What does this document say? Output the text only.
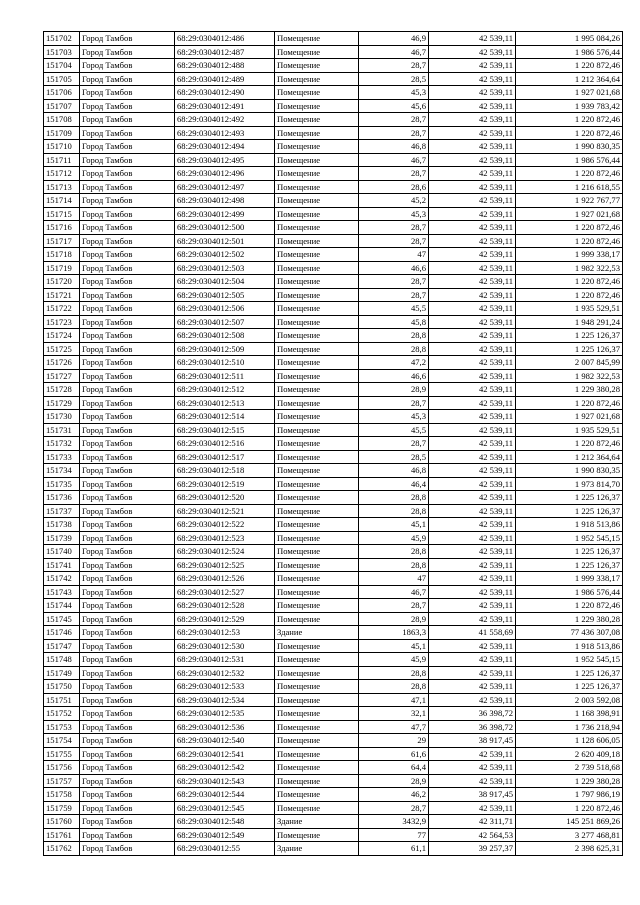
151702	Город Тамбов	68:29:0304012:486	Помещение	46,9	42 539,11	1 995 084,26
151703	Город Тамбов	68:29:0304012:487	Помещение	46,7	42 539,11	1 986 576,44
151704	Город Тамбов	68:29:0304012:488	Помещение	28,7	42 539,11	1 220 872,46
151705	Город Тамбов	68:29:0304012:489	Помещение	28,5	42 539,11	1 212 364,64
151706	Город Тамбов	68:29:0304012:490	Помещение	45,3	42 539,11	1 927 021,68
151707	Город Тамбов	68:29:0304012:491	Помещение	45,6	42 539,11	1 939 783,42
151708	Город Тамбов	68:29:0304012:492	Помещение	28,7	42 539,11	1 220 872,46
151709	Город Тамбов	68:29:0304012:493	Помещение	28,7	42 539,11	1 220 872,46
151710	Город Тамбов	68:29:0304012:494	Помещение	46,8	42 539,11	1 990 830,35
151711	Город Тамбов	68:29:0304012:495	Помещение	46,7	42 539,11	1 986 576,44
151712	Город Тамбов	68:29:0304012:496	Помещение	28,7	42 539,11	1 220 872,46
151713	Город Тамбов	68:29:0304012:497	Помещение	28,6	42 539,11	1 216 618,55
151714	Город Тамбов	68:29:0304012:498	Помещение	45,2	42 539,11	1 922 767,77
151715	Город Тамбов	68:29:0304012:499	Помещение	45,3	42 539,11	1 927 021,68
151716	Город Тамбов	68:29:0304012:500	Помещение	28,7	42 539,11	1 220 872,46
151717	Город Тамбов	68:29:0304012:501	Помещение	28,7	42 539,11	1 220 872,46
151718	Город Тамбов	68:29:0304012:502	Помещение	47	42 539,11	1 999 338,17
151719	Город Тамбов	68:29:0304012:503	Помещение	46,6	42 539,11	1 982 322,53
151720	Город Тамбов	68:29:0304012:504	Помещение	28,7	42 539,11	1 220 872,46
151721	Город Тамбов	68:29:0304012:505	Помещение	28,7	42 539,11	1 220 872,46
151722	Город Тамбов	68:29:0304012:506	Помещение	45,5	42 539,11	1 935 529,51
151723	Город Тамбов	68:29:0304012:507	Помещение	45,8	42 539,11	1 948 291,24
151724	Город Тамбов	68:29:0304012:508	Помещение	28,8	42 539,11	1 225 126,37
151725	Город Тамбов	68:29:0304012:509	Помещение	28,8	42 539,11	1 225 126,37
151726	Город Тамбов	68:29:0304012:510	Помещение	47,2	42 539,11	2 007 845,99
151727	Город Тамбов	68:29:0304012:511	Помещение	46,6	42 539,11	1 982 322,53
151728	Город Тамбов	68:29:0304012:512	Помещение	28,9	42 539,11	1 229 380,28
151729	Город Тамбов	68:29:0304012:513	Помещение	28,7	42 539,11	1 220 872,46
151730	Город Тамбов	68:29:0304012:514	Помещение	45,3	42 539,11	1 927 021,68
151731	Город Тамбов	68:29:0304012:515	Помещение	45,5	42 539,11	1 935 529,51
151732	Город Тамбов	68:29:0304012:516	Помещение	28,7	42 539,11	1 220 872,46
151733	Город Тамбов	68:29:0304012:517	Помещение	28,5	42 539,11	1 212 364,64
151734	Город Тамбов	68:29:0304012:518	Помещение	46,8	42 539,11	1 990 830,35
151735	Город Тамбов	68:29:0304012:519	Помещение	46,4	42 539,11	1 973 814,70
151736	Город Тамбов	68:29:0304012:520	Помещение	28,8	42 539,11	1 225 126,37
151737	Город Тамбов	68:29:0304012:521	Помещение	28,8	42 539,11	1 225 126,37
151738	Город Тамбов	68:29:0304012:522	Помещение	45,1	42 539,11	1 918 513,86
151739	Город Тамбов	68:29:0304012:523	Помещение	45,9	42 539,11	1 952 545,15
151740	Город Тамбов	68:29:0304012:524	Помещение	28,8	42 539,11	1 225 126,37
151741	Город Тамбов	68:29:0304012:525	Помещение	28,8	42 539,11	1 225 126,37
151742	Город Тамбов	68:29:0304012:526	Помещение	47	42 539,11	1 999 338,17
151743	Город Тамбов	68:29:0304012:527	Помещение	46,7	42 539,11	1 986 576,44
151744	Город Тамбов	68:29:0304012:528	Помещение	28,7	42 539,11	1 220 872,46
151745	Город Тамбов	68:29:0304012:529	Помещение	28,9	42 539,11	1 229 380,28
151746	Город Тамбов	68:29:0304012:53	Здание	1863,3	41 558,69	77 436 307,08
151747	Город Тамбов	68:29:0304012:530	Помещение	45,1	42 539,11	1 918 513,86
151748	Город Тамбов	68:29:0304012:531	Помещение	45,9	42 539,11	1 952 545,15
151749	Город Тамбов	68:29:0304012:532	Помещение	28,8	42 539,11	1 225 126,37
151750	Город Тамбов	68:29:0304012:533	Помещение	28,8	42 539,11	1 225 126,37
151751	Город Тамбов	68:29:0304012:534	Помещение	47,1	42 539,11	2 003 592,08
151752	Город Тамбов	68:29:0304012:535	Помещение	32,1	36 398,72	1 168 398,91
151753	Город Тамбов	68:29:0304012:536	Помещение	47,7	36 398,72	1 736 218,94
151754	Город Тамбов	68:29:0304012:540	Помещение	29	38 917,45	1 128 606,05
151755	Город Тамбов	68:29:0304012:541	Помещение	61,6	42 539,11	2 620 409,18
151756	Город Тамбов	68:29:0304012:542	Помещение	64,4	42 539,11	2 739 518,68
151757	Город Тамбов	68:29:0304012:543	Помещение	28,9	42 539,11	1 229 380,28
151758	Город Тамбов	68:29:0304012:544	Помещение	46,2	38 917,45	1 797 986,19
151759	Город Тамбов	68:29:0304012:545	Помещение	28,7	42 539,11	1 220 872,46
151760	Город Тамбов	68:29:0304012:548	Здание	3432,9	42 311,71	145 251 869,26
151761	Город Тамбов	68:29:0304012:549	Помещение	77	42 564,53	3 277 468,81
151762	Город Тамбов	68:29:0304012:55	Здание	61,1	39 257,37	2 398 625,31
